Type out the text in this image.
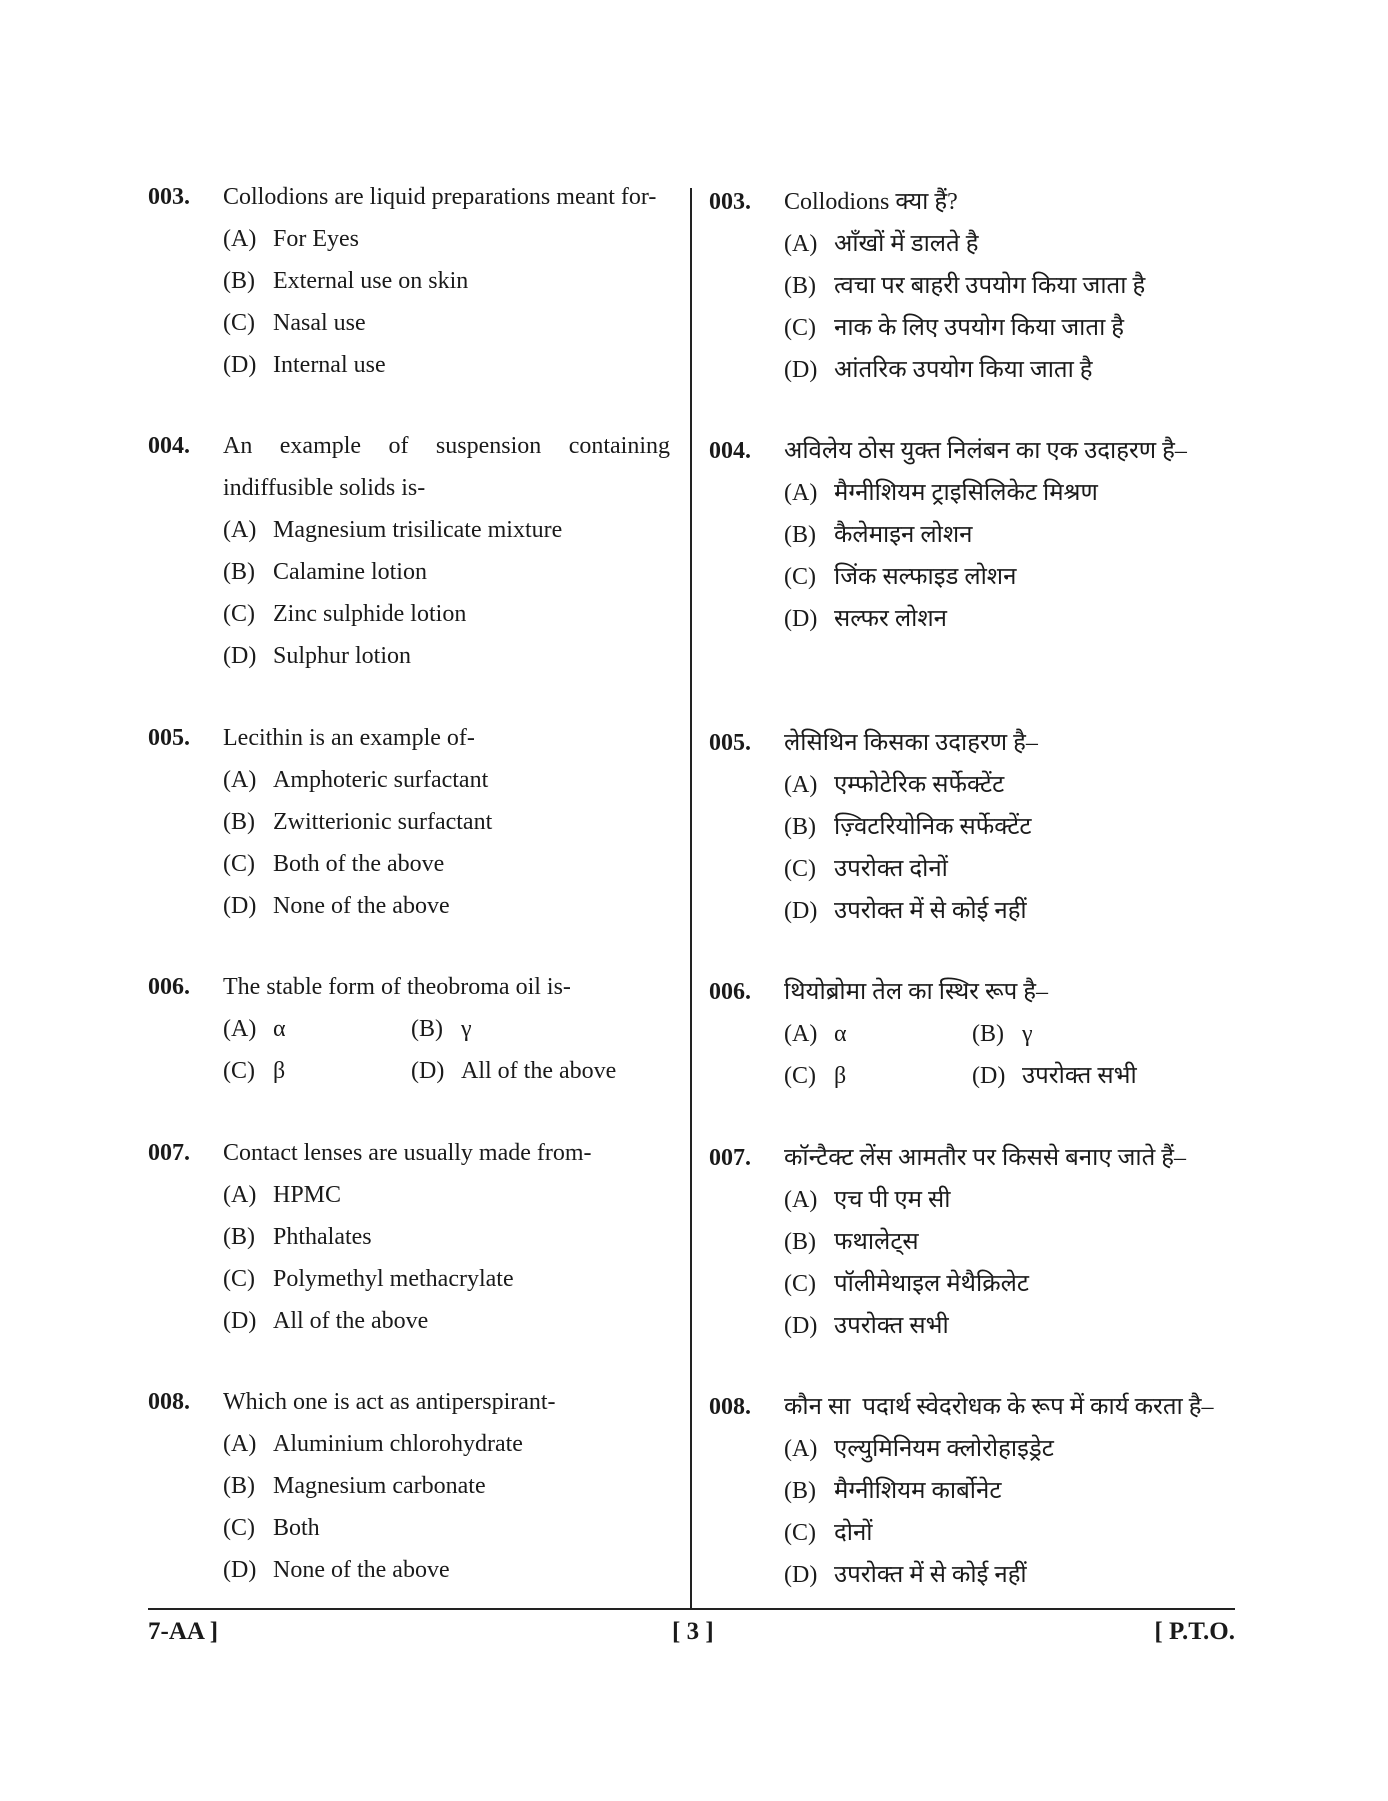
003. Collodions are liquid preparations meant for-
(A) For Eyes
(B) External use on skin
(C) Nasal use
(D) Internal use
004. An example of suspension containing
indiffusible solids is-
(A) Magnesium trisilicate mixture
(B) Calamine lotion
(C) Zinc sulphide lotion
(D) Sulphur lotion
005. Lecithin is an example of-
(A) Amphoteric surfactant
(B) Zwitterionic surfactant
(C) Both of the above
(D) None of the above
006. The stable form of theobroma oil is-
(A) α	(B) γ
(C) β	(D) All of the above
007. Contact lenses are usually made from-
(A) HPMC
(B) Phthalates
(C) Polymethyl methacrylate
(D) All of the above
008. Which one is act as antiperspirant-
(A) Aluminium chlorohydrate
(B) Magnesium carbonate
(C) Both
(D) None of the above
003. Collodions क्या हैं?
(A) आँखों में डालते है
(B) त्वचा पर बाहरी उपयोग किया जाता है
(C) नाक के लिए उपयोग किया जाता है
(D) आंतरिक उपयोग किया जाता है
004. अविलेय ठोस युक्त निलंबन का एक उदाहरण है–
(A) मैग्नीशियम ट्राइसिलिकेट मिश्रण
(B) कैलेमाइन लोशन
(C) जिंक सल्फाइड लोशन
(D) सल्फर लोशन
005. लेसिथिन किसका उदाहरण है–
(A) एम्फोटेरिक सर्फेक्टेंट
(B) ज़्विटरियोनिक सर्फेक्टेंट
(C) उपरोक्त दोनों
(D) उपरोक्त में से कोई नहीं
006. थियोब्रोमा तेल का स्थिर रूप है–
(A) α	(B) γ
(C) β	(D) उपरोक्त सभी
007. कॉन्टैक्ट लेंस आमतौर पर किससे बनाए जाते हैं–
(A) एच पी एम सी
(B) फथालेट्स
(C) पॉलीमेथाइल मेथैक्रिलेट
(D) उपरोक्त सभी
008. कौन सा  पदार्थ स्वेदरोधक के रूप में कार्य करता है–
(A) एल्युमिनियम क्लोरोहाइड्रेट
(B) मैग्नीशियम कार्बोनेट
(C) दोनों
(D) उपरोक्त में से कोई नहीं
7-AA ]	[ 3 ]	[ P.T.O.
